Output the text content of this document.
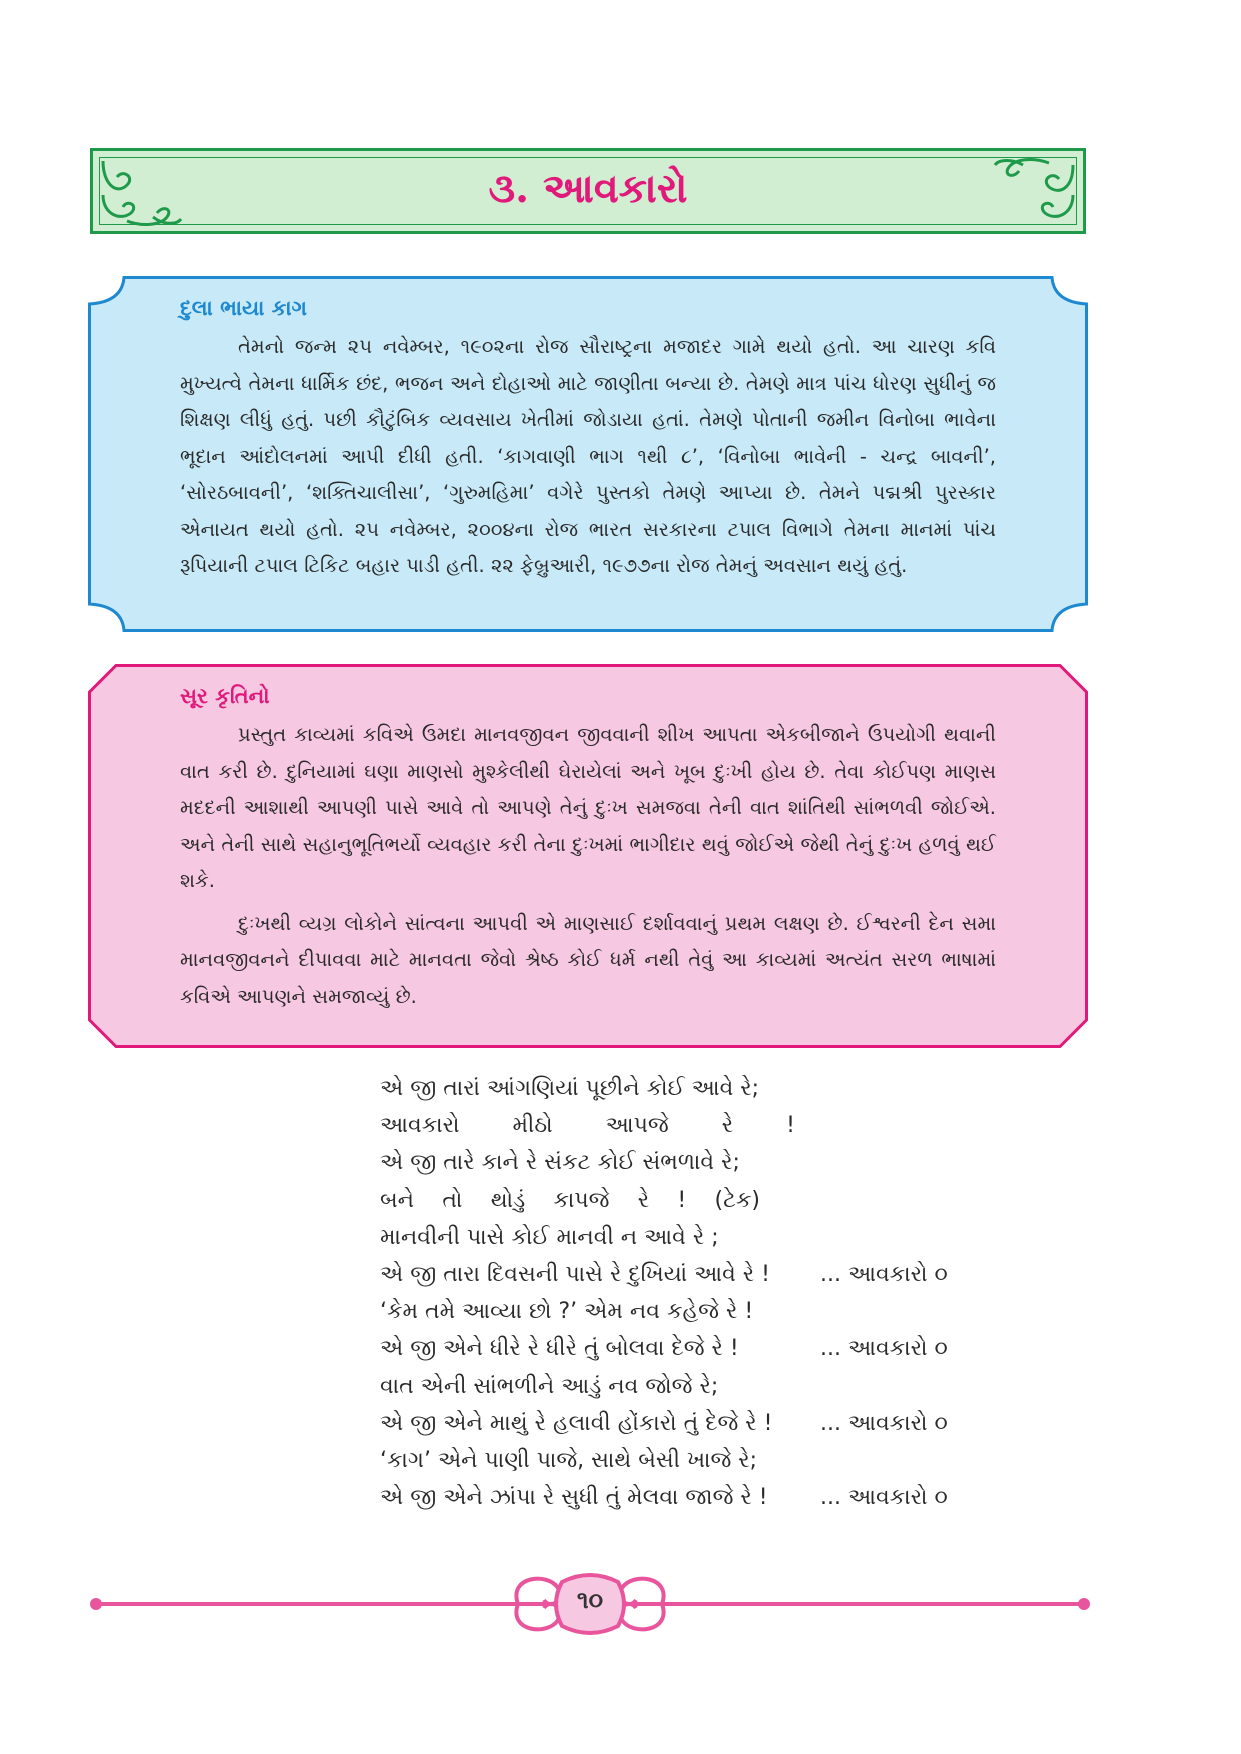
૩. આવકારો
દુલા ભાયા કાગ

તેમનો જન્મ ૨૫ નવેમ્બર, ૧૯૦૨ના રોજ સૌરાષ્ટ્રના મજાદર ગામે થયો હતો. આ ચારણ કવિ મુખ્યત્વે તેમના ધાર્મિક છંદ, ભજન અને દોહાઓ માટે જાણીતા બન્યા છે. તેમણે માત્ર પાંચ ધોરણ સુધીનું જ શિક્ષણ લીધું હતું. પછી કૌટુંબિક વ્યવસાય ખેતીમાં જોડાયા હતાં. તેમણે પોતાની જમીન વિનોબા ભાવેના ભૂદાન આંદોલનમાં આપી દીધી હતી. ‘કાગવાણી ભાગ ૧થી ૮’, ‘વિનોબા ભાવેની - ચન્દ્ર બાવની’, ‘સોરઠબાવની’, ‘શક્તિચાલીસા’, ‘ગુરુમહિમા’ વગેરે પુસ્તકો તેમણે આપ્યા છે. તેમને પદ્મશ્રી પુરસ્કાર એનાયત થયો હતો. ૨૫ નવેમ્બર, ૨૦૦૪ના રોજ ભારત સરકારના ટપાલ વિભાગે તેમના માનમાં પાંચ રૂપિયાની ટપાલ ટિકિટ બહાર પાડી હતી. ૨૨ ફેબ્રુઆરી, ૧૯૭૭ના રોજ તેમનું અવસાન થયું હતું.

સૂર કૃતિનો

પ્રસ્તુત કાવ્યમાં કવિએ ઉમદા માનવજીવન જીવવાની શીખ આપતા એકબીજાને ઉપયોગી થવાની વાત કરી છે. દુનિયામાં ઘણા માણસો મુશ્કેલીથી ઘેરાયેલાં અને ખૂબ દુઃખી હોય છે. તેવા કોઈપણ માણસ મદદની આશાથી આપણી પાસે આવે તો આપણે તેનું દુઃખ સમજવા તેની વાત શાંતિથી સાંભળવી જોઈએ. અને તેની સાથે સહાનુભૂતિભર્યો વ્યવહાર કરી તેના દુઃખમાં ભાગીદાર થવું જોઈએ જેથી તેનું દુઃખ હળવું થઈ શકે.

દુઃખથી વ્યગ્ર લોકોને સાંત્વના આપવી એ માણસાઈ દર્શાવવાનું પ્રથમ લક્ષણ છે. ઈશ્વરની દેન સમા માનવજીવનને દીપાવવા માટે માનવતા જેવો શ્રેષ્ઠ કોઈ ધર્મ નથી તેવું આ કાવ્યમાં અત્યંત સરળ ભાષામાં કવિએ આપણને સમજાવ્યું છે.

એ જી તારાં આંગણિયાં પૂછીને કોઈ આવે રે;
આવકારો મીઠો આપજે રે !
એ જી તારે કાને રે સંકટ કોઈ સંભળાવે રે;
બને તો થોડું કાપજે રે ! (ટેક)
માનવીની પાસે કોઈ માનવી ન આવે રે ;
એ જી તારા દિવસની પાસે રે દુખિયાં આવે રે ! ... આવકારો ૦
‘કેમ તમે આવ્યા છો ?’ એમ નવ કહેજે રે !
એ જી એને ધીરે રે ધીરે તું બોલવા દેજે રે !	... આવકારો ૦
વાત એની સાંભળીને આડું નવ જોજે રે;
એ જી એને માથું રે હલાવી હોંકારો તું દેજે રે ! ... આવકારો ૦
‘કાગ’ એને પાણી પાજે, સાથે બેસી ખાજે રે;
એ જી એને ઝાંપા રે સુધી તું મેલવા જાજે રે ! ... આવકારો ૦
૧૦
